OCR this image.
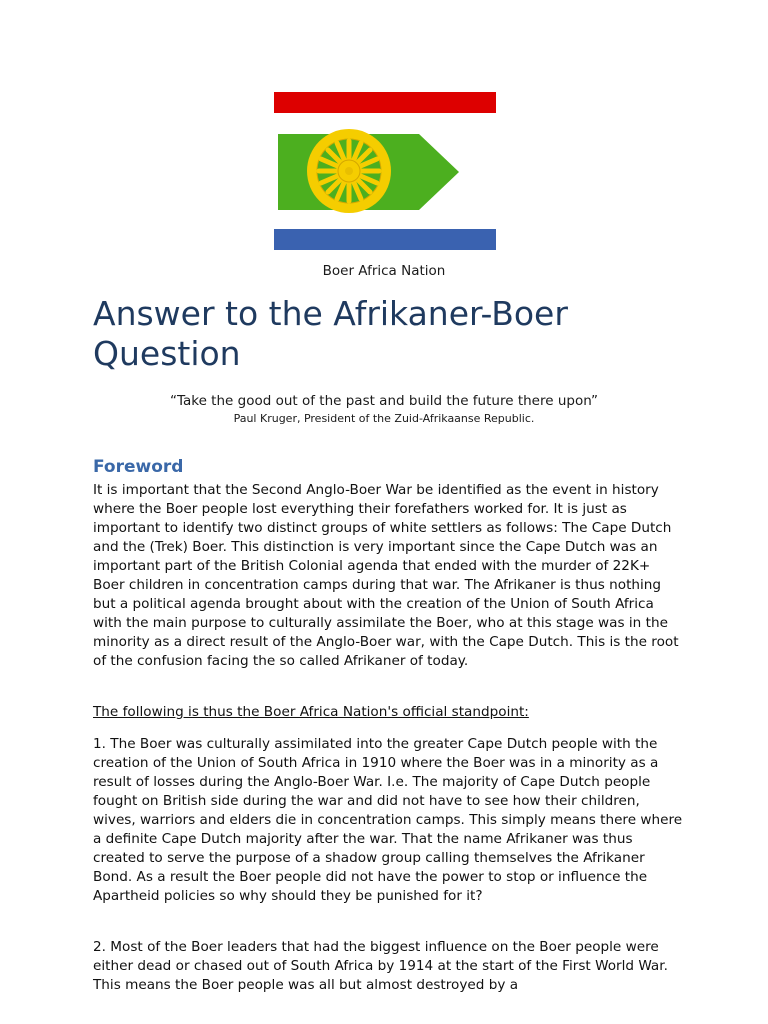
Boer Africa Nation
Answer to the Afrikaner-Boer Question
“Take the good out of the past and build the future there upon”
Paul Kruger, President of the Zuid-Afrikaanse Republic.
Foreword

It is important that the Second Anglo-Boer War be identified as the event in history where the Boer people lost everything their forefathers worked for. It is just as important to identify two distinct groups of white settlers as follows: The Cape Dutch and the (Trek) Boer. This distinction is very important since the Cape Dutch was an important part of the British Colonial agenda that ended with the murder of 22K+ Boer children in concentration camps during that war. The Afrikaner is thus nothing but a political agenda brought about with the creation of the Union of South Africa with the main purpose to culturally assimilate the Boer, who at this stage was in the minority as a direct result of the Anglo-Boer war, with the Cape Dutch. This is the root of the confusion facing the so called Afrikaner of today.

The following is thus the Boer Africa Nation's official standpoint:

1. The Boer was culturally assimilated into the greater Cape Dutch people with the creation of the Union of South Africa in 1910 where the Boer was in a minority as a result of losses during the Anglo-Boer War. I.e. The majority of Cape Dutch people fought on British side during the war and did not have to see how their children, wives, warriors and elders die in concentration camps. This simply means there where a definite Cape Dutch majority after the war. That the name Afrikaner was thus created to serve the purpose of a shadow group calling themselves the Afrikaner Bond. As a result the Boer people did not have the power to stop or influence the Apartheid policies so why should they be punished for it?

2. Most of the Boer leaders that had the biggest influence on the Boer people were either dead or chased out of South Africa by 1914 at the start of the First World War. This means the Boer people was all but almost destroyed by a
